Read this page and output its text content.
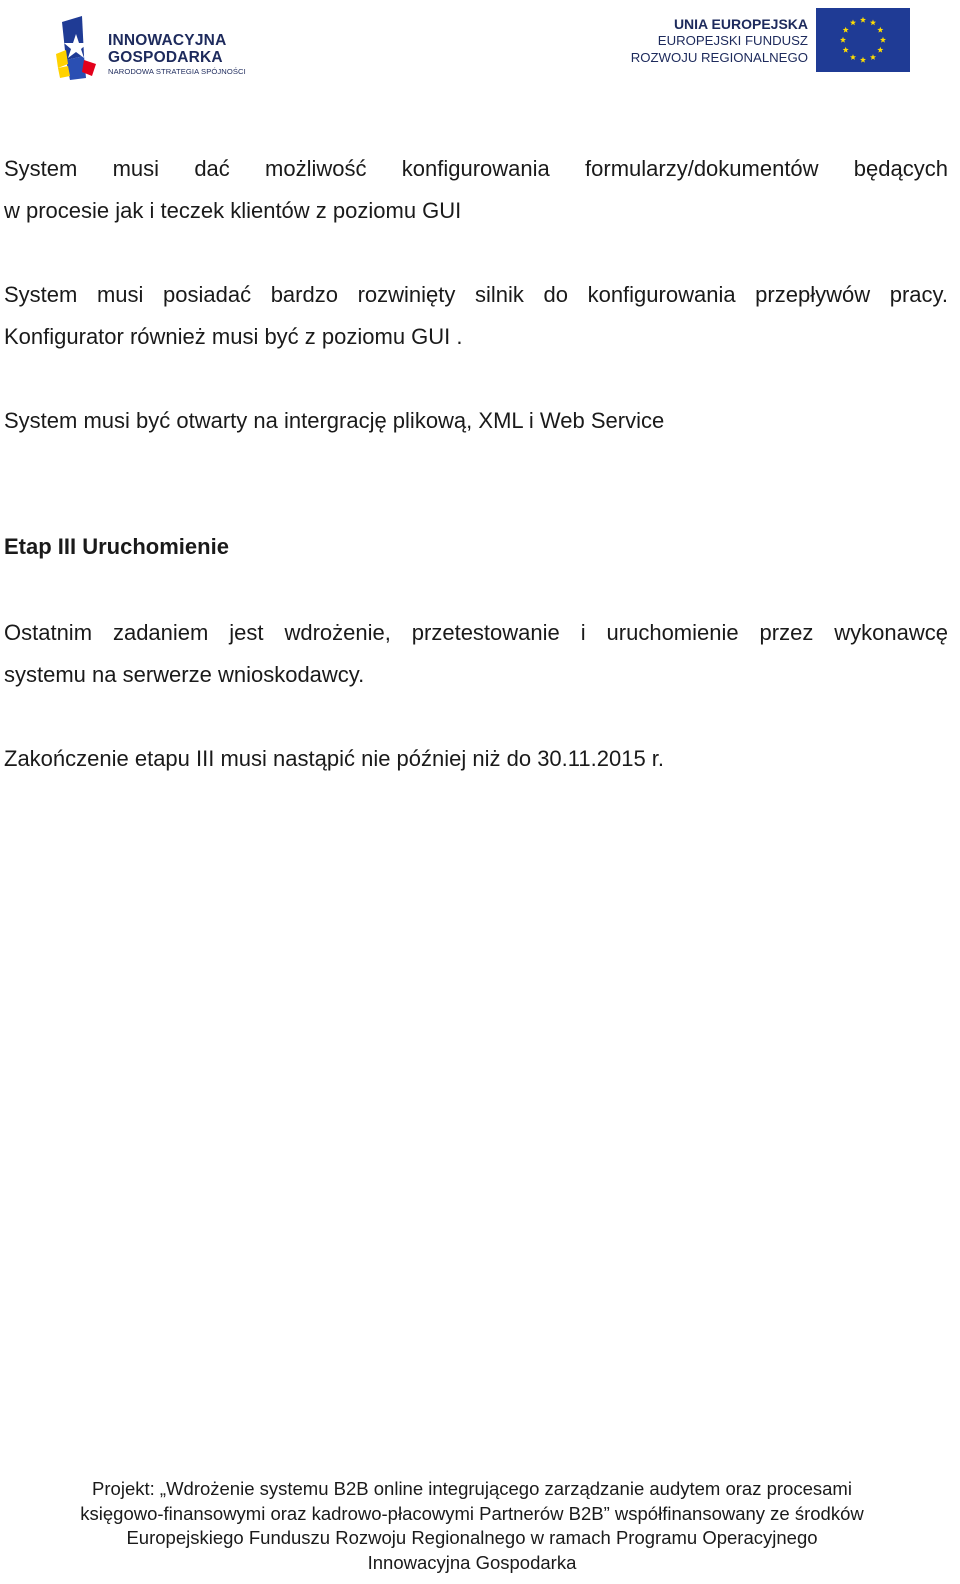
INNOWACYJNA
GOSPODARKA
NARODOWA STRATEGIA SPÓJNOŚCI
UNIA EUROPEJSKA
EUROPEJSKI FUNDUSZ
ROZWOJU REGIONALNEGO
System musi dać możliwość konfigurowania formularzy/dokumentów będących
w procesie jak i teczek klientów z poziomu GUI
System musi posiadać bardzo rozwinięty silnik do konfigurowania przepływów pracy.
Konfigurator również musi być z poziomu GUI .
System musi być otwarty na intergrację plikową, XML i Web Service
Etap III Uruchomienie
Ostatnim zadaniem jest wdrożenie, przetestowanie i uruchomienie przez wykonawcę
systemu na serwerze wnioskodawcy.
Zakończenie etapu III musi nastąpić nie później niż do 30.11.2015 r.
Projekt: „Wdrożenie systemu B2B online integrującego zarządzanie audytem oraz procesami
księgowo-finansowymi oraz kadrowo-płacowymi Partnerów B2B” współfinansowany ze środków
Europejskiego Funduszu Rozwoju Regionalnego w ramach Programu Operacyjnego
Innowacyjna Gospodarka
